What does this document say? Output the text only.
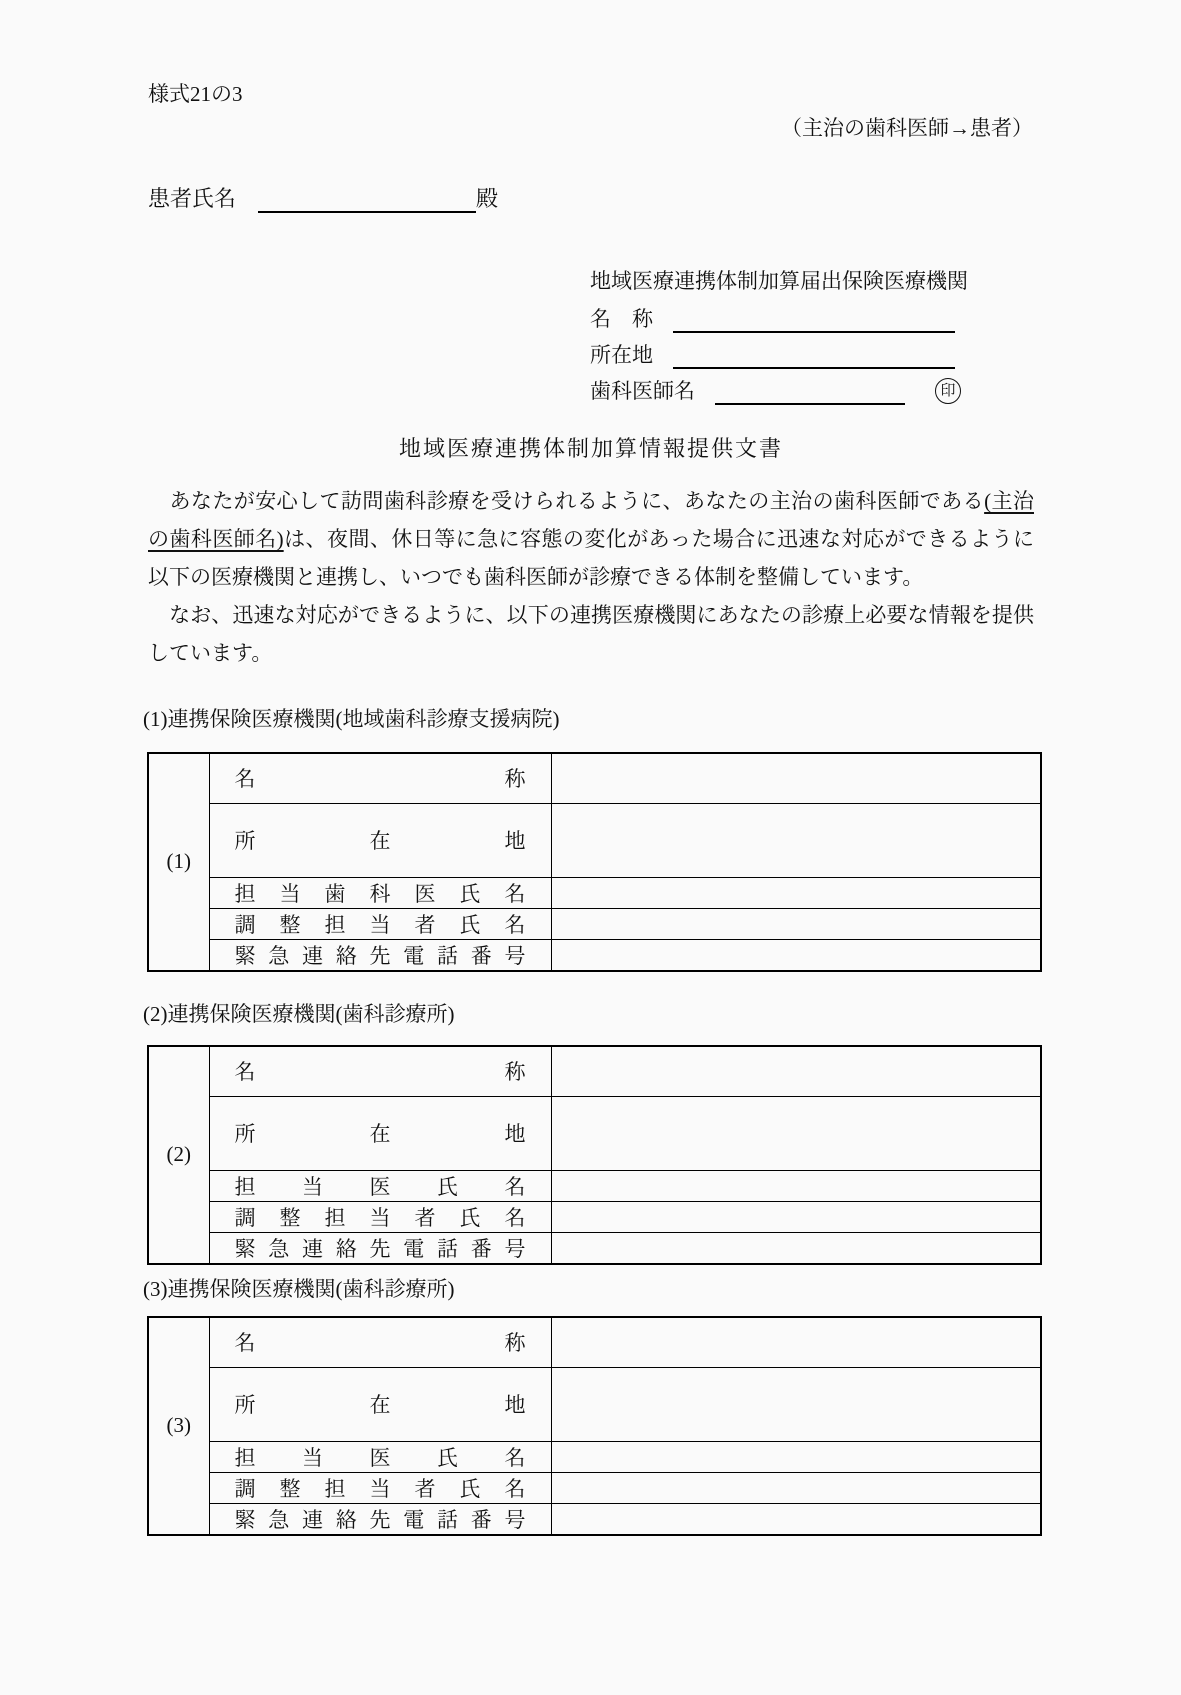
様式21の3
（主治の歯科医師→患者）
患者氏名	殿
地域医療連携体制加算届出保険医療機関
名　称
所在地
歯科医師名	印
地域医療連携体制加算情報提供文書

　あなたが安心して訪問歯科診療を受けられるように、あなたの主治の歯科医師である(主治の歯科医師名)は、夜間、休日等に急に容態の変化があった場合に迅速な対応ができるように以下の医療機関と連携し、いつでも歯科医師が診療できる体制を整備しています。

　なお、迅速な対応ができるように、以下の連携医療機関にあなたの診療上必要な情報を提供しています。

(1)連携保険医療機関(地域歯科診療支援病院)
(1)	名 称	

	所 在 地	

担 当 歯 科 医 氏 名

調 整 担 当 者 氏 名

緊 急 連 絡 先 電 話 番 号

(2)連携保険医療機関(歯科診療所)
(2)	名 称	

	所 在 地	

	担 当 医 氏 名	

調 整 担 当 者 氏 名

緊 急 連 絡 先 電 話 番 号

(3)連携保険医療機関(歯科診療所)
(3)	名 称	

	所 在 地	

	担 当 医 氏 名	

調 整 担 当 者 氏 名

緊 急 連 絡 先 電 話 番 号
